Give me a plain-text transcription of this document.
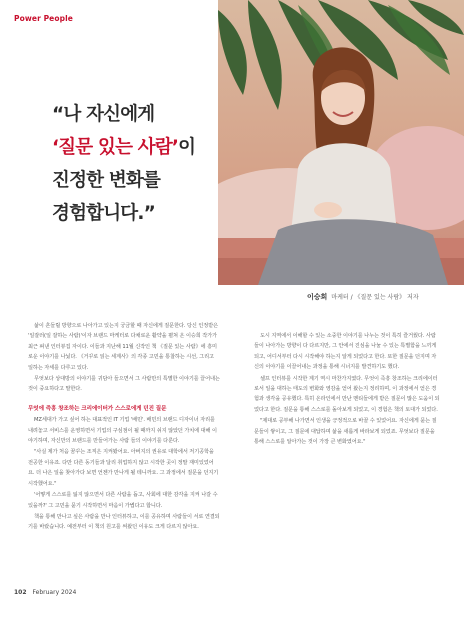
Power People
“나 자신에게
‘질문 있는 사람’이
진정한 변화를
경험합니다.”
이승희 마케터 / 《질문 있는 사람》 저자

삶이 흔들릴 방향으로 나아가고 있는지 궁금할 때 자신에게 질문한다. 당신 인정받은 '일잘러(일 잘하는 사람)'이자 브랜드 마케터로 다채로운 활약을 펼쳐 온 이승희 작가가 최근 펴낸 인터뷰집 자이다. 이들과 지난해 11월 신작인 책 《질문 있는 사람》에 흥미로운 이야기를 나눴다. 《거꾸로 읽는 세계사》의 각종 고민을 통찰하는 시선, 그리고 일하는 자세를 다루고 있다.

무엇보다 상대방의 이야기를 귀담아 들으면서 그 사람만의 특별한 이야기를 끌어내는 것이 중요하다고 말한다.

무엇에 즉흥 창조하는 크리에이터가 스스로에게 던진 질문

MZ세대가 가고 싶어 하는 대표적인 IT 기업 '배민'. 배민의 브랜드 디자이너 자리를 내려놓고 서비스를 운영하면서 기업의 구심점이 될 때까지 쉬지 않았던 가치에 대해 이야기하며, 자신만의 브랜드를 만들어가는 사람 들의 이야기를 다룬다.

"사실 제가 처음 꿈꾸는 조직은 지켜봤어요. 아버지의 권유로 대학에서 저기공학을 전공한 이유죠. 다만 다른 동기들과 달리 취업하지 않고 시작한 곳이 정말 재미있었어요. 더 나은 일을 찾아가다 보면 언젠가 만나게 될 테니까요. 그 과정에서 질문을 던지기 시작했어요."

'어떻게 스스로를 잃지 않으면서 다른 사람을 돕고, 사회에 대한 감각을 지켜 나갈 수 있을까?' 그 고민을 묻기 시작하면서 마음이 가볍다고 합니다.

책을 통해 만나고 싶은 사람을 만나 인터뷰하고, 이를 공유하며 사람들이 서로 연결되기를 바랐습니다. 예전부터 이 책의 원고를 써왔던 이유도 크게 다르지 않아요.

도시 지역에서 이해할 수 있는 소중한 이야기를 나누는 것이 특히 즐거웠다. 사람들이 나아가는 방향이 다 다르지만, 그 안에서 진심을 나눌 수 있는 특별함을 느끼게 되고, 어디서부터 다시 시작해야 하는지 알게 되었다고 한다. 또한 질문을 던지며 자신의 이야기를 이끌어내는 과정을 통해 시너지를 발견하기도 했다.

셀프 인터뷰를 시작한 계기 역시 마찬가지였다. 무엇이 즉흥 창조하는 크리에이터로서 일을 대하는 태도의 변화와 영감을 얻어 왔는지 정리하며, 이 과정에서 얻은 경험과 생각을 공유했다. 특히 온라인에서 만난 멘티들에게 받은 질문이 많은 도움이 되었다고 한다. 질문을 통해 스스로를 돌아보게 되었고, 이 경험은 책의 토대가 되었다.

"제대로 공부해 나가면서 인생을 긍정적으로 바꿀 수 있었어요. 자신에게 묻는 질문들이 쌓이고, 그 질문에 대답하며 삶을 새롭게 바라보게 되었죠. 무엇보다 질문을 통해 스스로를 알아가는 것이 가장 큰 변화였어요."

102 February 2024
